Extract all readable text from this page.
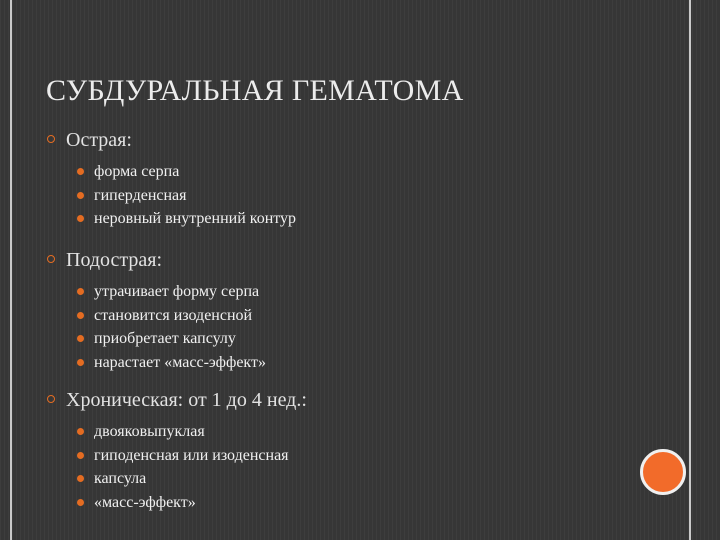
СУБДУРАЛЬНАЯ ГЕМАТОМА
Острая:
форма серпа
гиперденсная
неровный внутренний контур
Подострая:
утрачивает форму серпа
становится изоденсной
приобретает капсулу
нарастает «масс-эффект»
Хроническая: от 1 до 4 нед.:
двояковыпуклая
гиподенсная или изоденсная
капсула
«масс-эффект»
